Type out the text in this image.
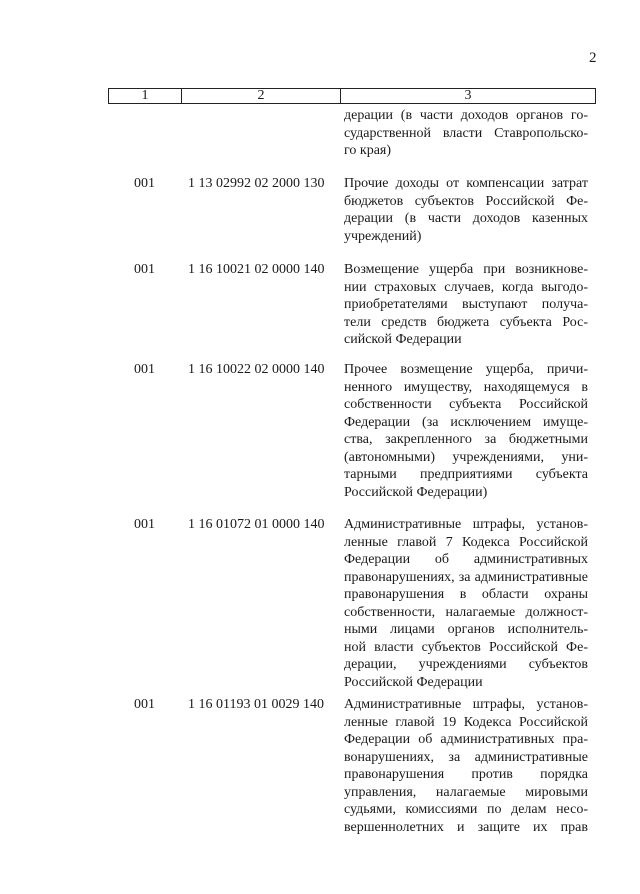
2
1	2	3
дерации (в части доходов органов го-
сударственной власти Ставропольско-
го края)
001 1 13 02992 02 2000 130 Прочие доходы от компенсации затрат
бюджетов субъектов Российской Фе-
дерации (в части доходов казенных
учреждений)
001 1 16 10021 02 0000 140 Возмещение ущерба при возникнове-
нии страховых случаев, когда выгодо-
приобретателями выступают получа-
тели средств бюджета субъекта Рос-
сийской Федерации
001 1 16 10022 02 0000 140 Прочее возмещение ущерба, причи-
ненного имуществу, находящемуся в
собственности субъекта Российской
Федерации (за исключением имуще-
ства, закрепленного за бюджетными
(автономными) учреждениями, уни-
тарными предприятиями субъекта
Российской Федерации)
001 1 16 01072 01 0000 140 Административные штрафы, установ-
ленные главой 7 Кодекса Российской
Федерации об административных
правонарушениях, за административные
правонарушения в области охраны
собственности, налагаемые должност-
ными лицами органов исполнитель-
ной власти субъектов Российской Фе-
дерации, учреждениями субъектов
Российской Федерации
001 1 16 01193 01 0029 140 Административные штрафы, установ-
ленные главой 19 Кодекса Российской
Федерации об административных пра-
вонарушениях, за административные
правонарушения против порядка
управления, налагаемые мировыми
судьями, комиссиями по делам несо-
вершеннолетних и защите их прав
